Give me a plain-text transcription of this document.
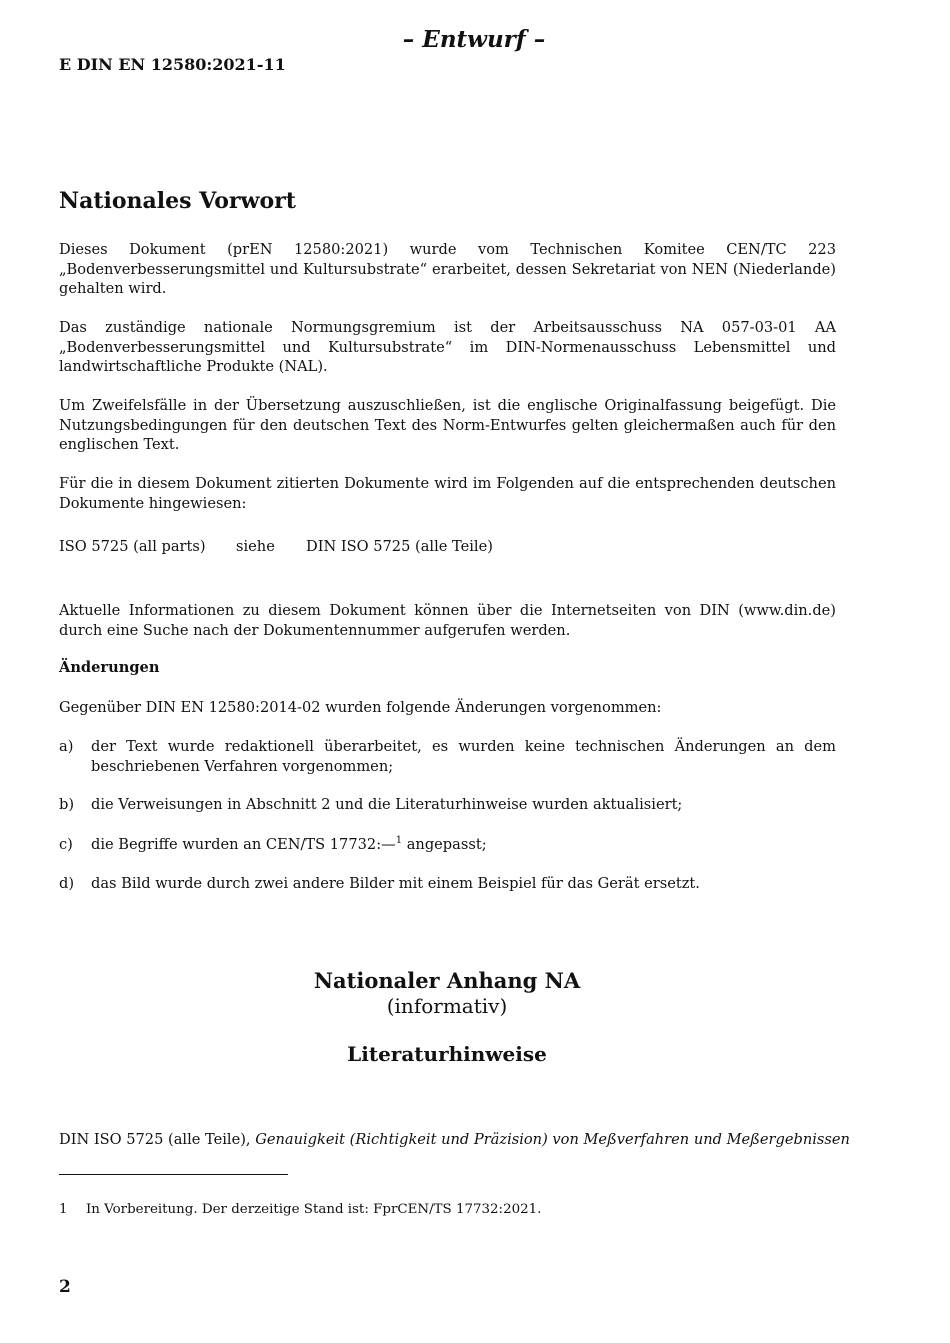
– Entwurf –
E DIN EN 12580:2021-11
Nationales Vorwort

Dieses Dokument (prEN 12580:2021) wurde vom Technischen Komitee CEN/TC 223 „Bodenverbesserungsmittel und Kultursubstrate“ erarbeitet, dessen Sekretariat von NEN (Niederlande) gehalten wird.

Das zuständige nationale Normungsgremium ist der Arbeitsausschuss NA 057-03-01 AA „Bodenverbesserungsmittel und Kultursubstrate“ im DIN-Normenausschuss Lebensmittel und landwirtschaftliche Produkte (NAL).

Um Zweifelsfälle in der Übersetzung auszuschließen, ist die englische Originalfassung beigefügt. Die Nutzungsbedingungen für den deutschen Text des Norm-Entwurfes gelten gleichermaßen auch für den englischen Text.

Für die in diesem Dokument zitierten Dokumente wird im Folgenden auf die entsprechenden deutschen Dokumente hingewiesen:

ISO 5725 (all parts) siehe DIN ISO 5725 (alle Teile)

Aktuelle Informationen zu diesem Dokument können über die Internetseiten von DIN (www.din.de) durch eine Suche nach der Dokumentennummer aufgerufen werden.

Änderungen

Gegenüber DIN EN 12580:2014-02 wurden folgende Änderungen vorgenommen:

a) der Text wurde redaktionell überarbeitet, es wurden keine technischen Änderungen an dem beschriebenen Verfahren vorgenommen;
b) die Verweisungen in Abschnitt 2 und die Literaturhinweise wurden aktualisiert;
c) die Begriffe wurden an CEN/TS 17732:—$^1$ angepasst;
d) das Bild wurde durch zwei andere Bilder mit einem Beispiel für das Gerät ersetzt.
Nationaler Anhang NA
(informativ)
Literaturhinweise
DIN ISO 5725 (alle Teile), Genauigkeit (Richtigkeit und Präzision) von Meßverfahren und Meßergebnissen
1 In Vorbereitung. Der derzeitige Stand ist: FprCEN/TS 17732:2021.
2
